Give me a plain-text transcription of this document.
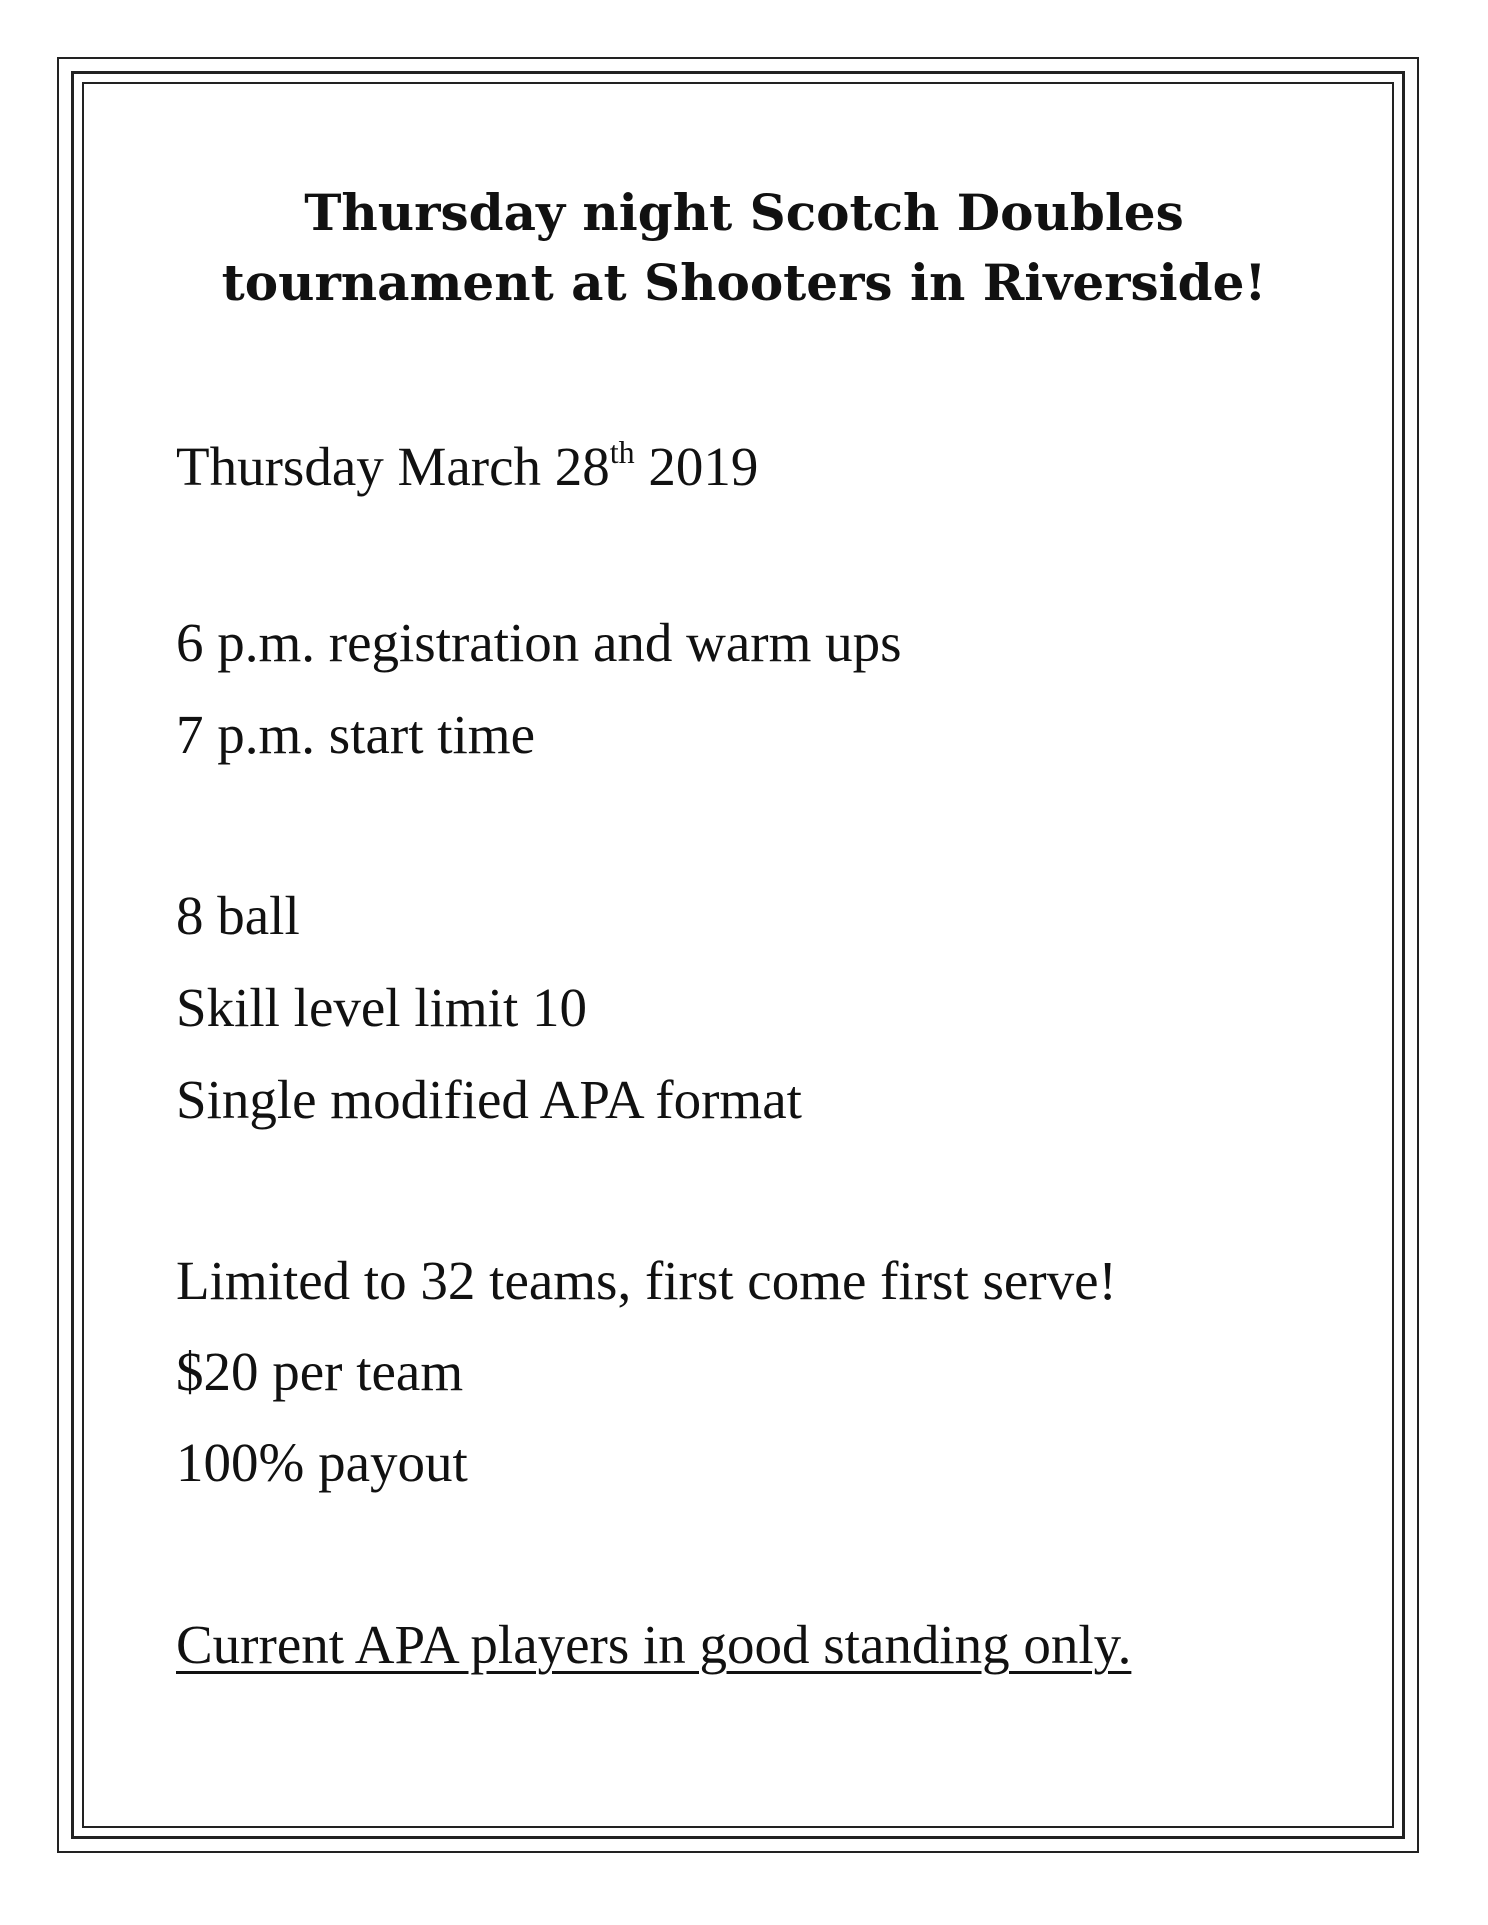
Thursday night Scotch Doubles
tournament at Shooters in Riverside!

Thursday March 28th 2019

6 p.m. registration and warm ups

7 p.m. start time

8 ball

Skill level limit 10

Single modified APA format

Limited to 32 teams, first come first serve!

$20 per team

100% payout

Current APA players in good standing only.
